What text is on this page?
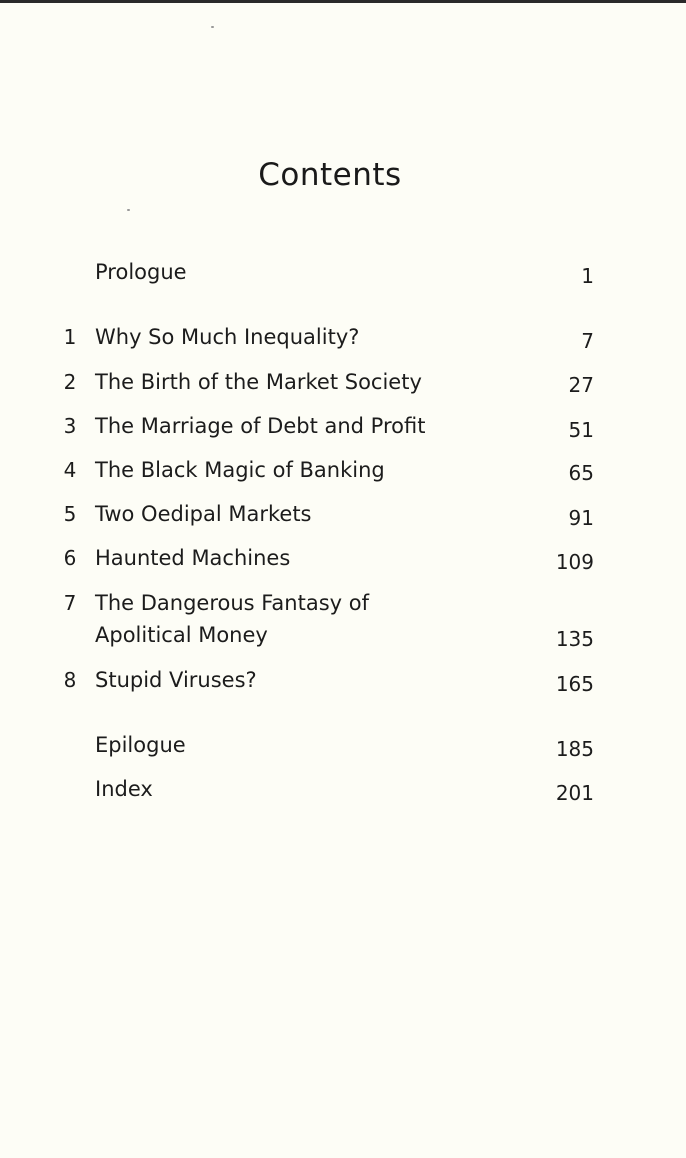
Contents
Prologue	1
1 Why So Much Inequality?	7
2 The Birth of the Market Society	27
3 The Marriage of Debt and Profit	51
4 The Black Magic of Banking	65
5 Two Oedipal Markets	91
6 Haunted Machines	109
7 The Dangerous Fantasy of
Apolitical Money	135
8 Stupid Viruses?	165
Epilogue	185
Index	201
